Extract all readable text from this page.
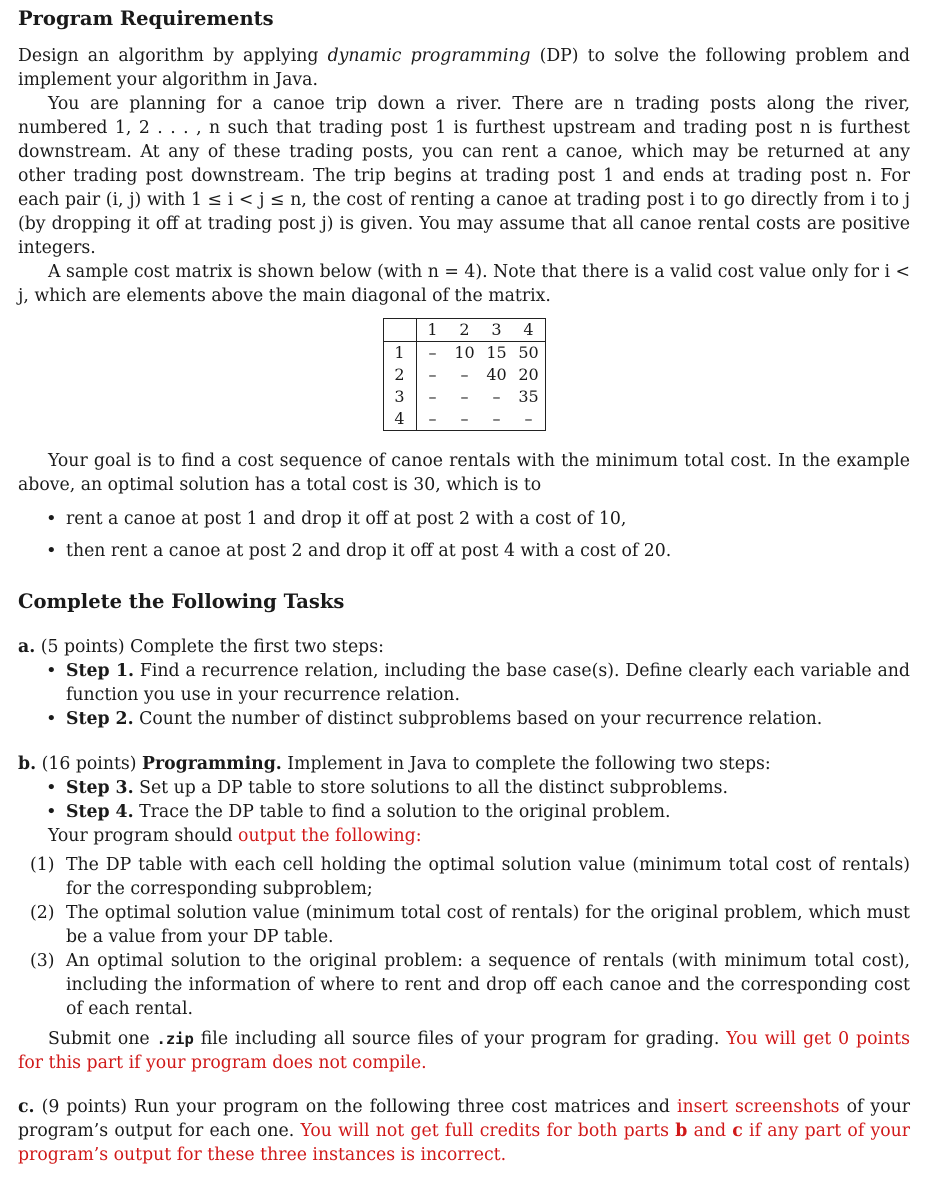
Program Requirements

Design an algorithm by applying dynamic programming (DP) to solve the following problem and implement your algorithm in Java.

You are planning for a canoe trip down a river. There are n trading posts along the river, numbered 1, 2 . . . , n such that trading post 1 is furthest upstream and trading post n is furthest downstream. At any of these trading posts, you can rent a canoe, which may be returned at any other trading post downstream. The trip begins at trading post 1 and ends at trading post n. For each pair (i, j) with 1 ≤ i < j ≤ n, the cost of renting a canoe at trading post i to go directly from i to j (by dropping it off at trading post j) is given. You may assume that all canoe rental costs are positive integers.

A sample cost matrix is shown below (with n = 4). Note that there is a valid cost value only for i < j, which are elements above the main diagonal of the matrix.

	1	2	3	4
1	–	10	15	50
2	–	–	40	20
3	–	–	–	35
4	–	–	–	–

Your goal is to find a cost sequence of canoe rentals with the minimum total cost. In the example above, an optimal solution has a total cost is 30, which is to

• rent a canoe at post 1 and drop it off at post 2 with a cost of 10,
• then rent a canoe at post 2 and drop it off at post 4 with a cost of 20.
Complete the Following Tasks

a. (5 points) Complete the first two steps:

• Step 1. Find a recurrence relation, including the base case(s). Define clearly each variable and function you use in your recurrence relation.
• Step 2. Count the number of distinct subproblems based on your recurrence relation.

b. (16 points) Programming. Implement in Java to complete the following two steps:

• Step 3. Set up a DP table to store solutions to all the distinct subproblems.
• Step 4. Trace the DP table to find a solution to the original problem.

Your program should output the following:

(1) The DP table with each cell holding the optimal solution value (minimum total cost of rentals) for the corresponding subproblem;
(2) The optimal solution value (minimum total cost of rentals) for the original problem, which must be a value from your DP table.
(3) An optimal solution to the original problem: a sequence of rentals (with minimum total cost), including the information of where to rent and drop off each canoe and the corresponding cost of each rental.

Submit one .zip file including all source files of your program for grading. You will get 0 points for this part if your program does not compile.

c. (9 points) Run your program on the following three cost matrices and insert screenshots of your program’s output for each one. You will not get full credits for both parts b and c if any part of your program’s output for these three instances is incorrect.
